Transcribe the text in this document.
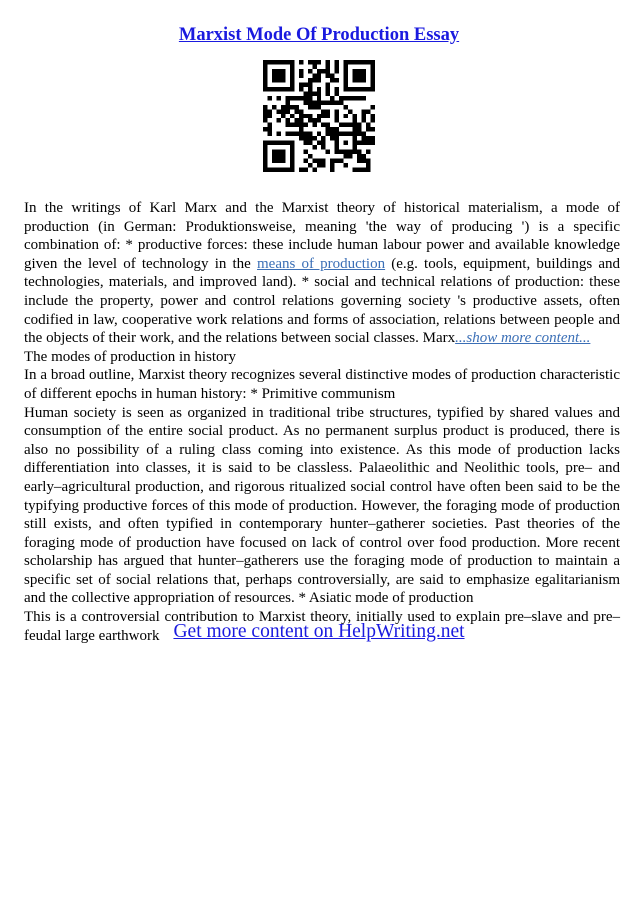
Marxist Mode Of Production Essay

In the writings of Karl Marx and the Marxist theory of historical materialism, a mode of production (in German: Produktionsweise, meaning 'the way of producing ') is a specific combination of: * productive forces: these include human labour power and available knowledge given the level of technology in the means of production (e.g. tools, equipment, buildings and technologies, materials, and improved land). * social and technical relations of production: these include the property, power and control relations governing society 's productive assets, often codified in law, cooperative work relations and forms of association, relations between people and the objects of their work, and the relations between social classes. Marx...show more content...

The modes of production in history

In a broad outline, Marxist theory recognizes several distinctive modes of production characteristic of different epochs in human history: * Primitive communism

Human society is seen as organized in traditional tribe structures, typified by shared values and consumption of the entire social product. As no permanent surplus product is produced, there is also no possibility of a ruling class coming into existence. As this mode of production lacks differentiation into classes, it is said to be classless. Palaeolithic and Neolithic tools, pre– and early–agricultural production, and rigorous ritualized social control have often been said to be the typifying productive forces of this mode of production. However, the foraging mode of production still exists, and often typified in contemporary hunter–gatherer societies. Past theories of the foraging mode of production have focused on lack of control over food production. More recent scholarship has argued that hunter–gatherers use the foraging mode of production to maintain a specific set of social relations that, perhaps controversially, are said to emphasize egalitarianism and the collective appropriation of resources. * Asiatic mode of production

This is a controversial contribution to Marxist theory, initially used to explain pre–slave and pre–feudal large earthwork Get more content on HelpWriting.net
